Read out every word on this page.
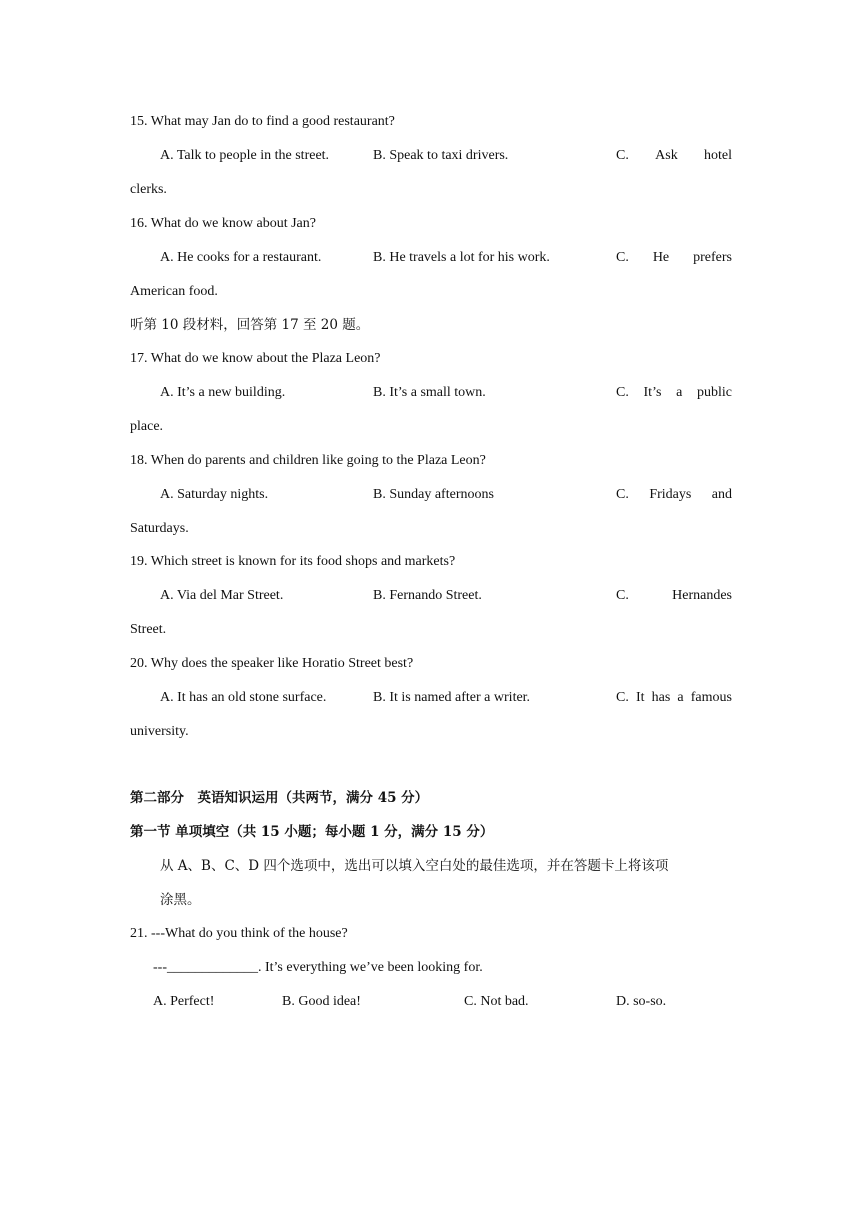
15. What may Jan do to find a good restaurant?
A. Talk to people in the street.	B. Speak to taxi drivers.	C. Ask hotel
clerks.
16. What do we know about Jan?
A. He cooks for a restaurant.	B. He travels a lot for his work.	C. He prefers
American food.
听第 10 段材料，回答第 17 至 20 题。
17. What do we know about the Plaza Leon?
A. It’s a new building.	B. It’s a small town.	C. It’s a public
place.
18. When do parents and children like going to the Plaza Leon?
A. Saturday nights.	B. Sunday afternoons	C. Fridays and
Saturdays.
19. Which street is known for its food shops and markets?
A. Via del Mar Street.	B. Fernando Street.	C.	Hernandes
Street.
20. Why does the speaker like Horatio Street best?
A. It has an old stone surface.	B. It is named after a writer.	C. It has a famous
university.
第二部分　英语知识运用（共两节，满分 45 分）
第一节 单项填空（共 15 小题；每小题 1 分，满分 15 分）
从 A、B、C、D 四个选项中，选出可以填入空白处的最佳选项，并在答题卡上将该项
涂黑。
21. ---What do you think of the house?
---_____________. It’s everything we’ve been looking for.
A. Perfect!	B. Good idea!	C. Not bad.	D. so-so.
